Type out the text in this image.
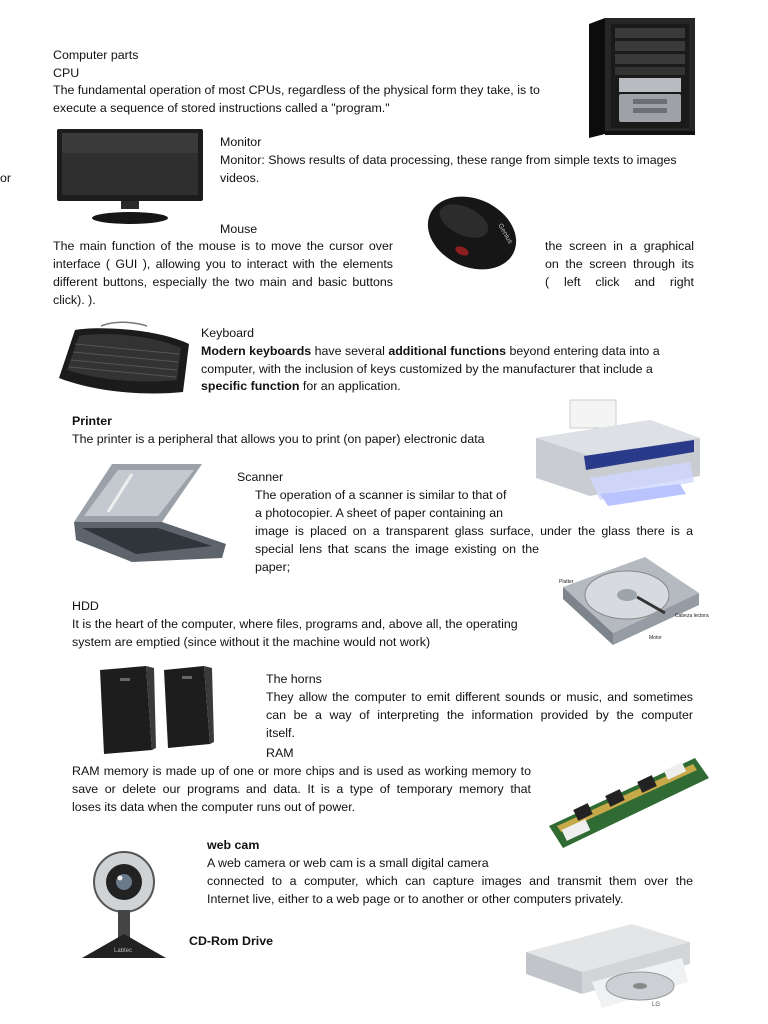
Computer parts

CPU

The fundamental operation of most CPUs, regardless of the physical form they take, is to

execute a sequence of stored instructions called a "program."

Monitor

Monitor: Shows results of data processing, these range from simple texts to images

or	videos.

Mouse	Genius

The main function of the mouse is to move the cursor over

interface ( GUI ), allowing you to interact with the elements

different buttons, especially the two main and basic buttons

click). ).

the screen in a graphical

on the screen through its

( left click and right

Keyboard

Modern keyboards have several additional functions beyond entering data into a

computer, with the inclusion of keys customized by the manufacturer that include a

specific function for an application.

Printer

The printer is a peripheral that allows you to print (on paper) electronic data

Scanner

The operation of a scanner is similar to that of

a photocopier. A sheet of paper containing an

image is placed on a transparent glass surface, under the glass there is a

special lens that scans the image existing on the

paper;

Platter
Cabeza lectora
Motor

HDD

It is the heart of the computer, where files, programs and, above all, the operating

system are emptied (since without it the machine would not work)

The horns

They allow the computer to emit different sounds or music, and sometimes

can be a way of interpreting the information provided by the computer

itself.

RAM

RAM memory is made up of one or more chips and is used as working memory to

save or delete our programs and data. It is a type of temporary memory that

loses its data when the computer runs out of power.

Labtec

web cam

A web camera or web cam is a small digital camera

connected to a computer, which can capture images and transmit them over the

Internet live, either to a web page or to another or other computers privately.

CD-Rom Drive

LG
